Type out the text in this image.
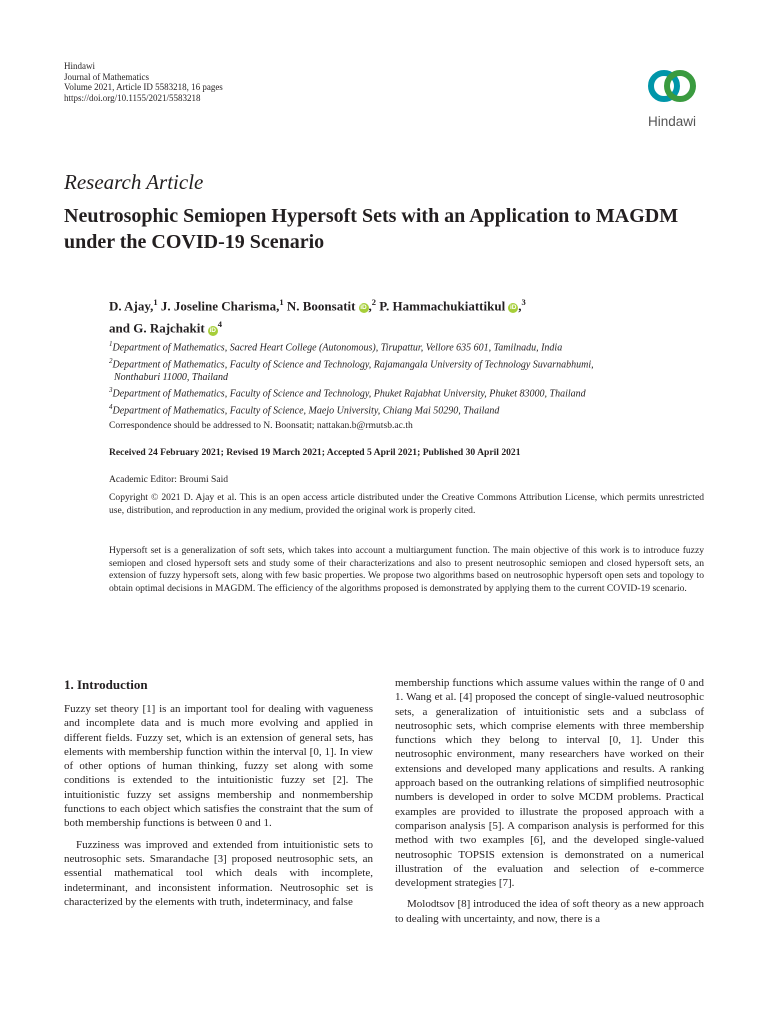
Hindawi
Journal of Mathematics
Volume 2021, Article ID 5583218, 16 pages
https://doi.org/10.1155/2021/5583218
Hindawi
Research Article
Neutrosophic Semiopen Hypersoft Sets with an Application to MAGDM under the COVID-19 Scenario
D. Ajay,$^1$ J. Joseline Charisma,$^1$ N. Boonsatit iD ,$^2$ P. Hammachukiattikul iD ,$^3$
and G. Rajchakit $iD^4$
$^1$Department of Mathematics, Sacred Heart College (Autonomous), Tirupattur, Vellore 635 601, Tamilnadu, India
$^2$Department of Mathematics, Faculty of Science and Technology, Rajamangala University of Technology Suvarnabhumi,
Nonthaburi 11000, Thailand
$^3$Department of Mathematics, Faculty of Science and Technology, Phuket Rajabhat University, Phuket 83000, Thailand
$^4$Department of Mathematics, Faculty of Science, Maejo University, Chiang Mai 50290, Thailand
Correspondence should be addressed to N. Boonsatit; nattakan.b@rmutsb.ac.th
Received 24 February 2021; Revised 19 March 2021; Accepted 5 April 2021; Published 30 April 2021
Academic Editor: Broumi Said
Copyright © 2021 D. Ajay et al. This is an open access article distributed under the Creative Commons Attribution License, which permits unrestricted use, distribution, and reproduction in any medium, provided the original work is properly cited.
Hypersoft set is a generalization of soft sets, which takes into account a multiargument function. The main objective of this work is to introduce fuzzy semiopen and closed hypersoft sets and study some of their characterizations and also to present neutrosophic semiopen and closed hypersoft sets, an extension of fuzzy hypersoft sets, along with few basic properties. We propose two algorithms based on neutrosophic hypersoft open sets and topology to obtain optimal decisions in MAGDM. The efficiency of the algorithms proposed is demonstrated by applying them to the current COVID-19 scenario.
1. Introduction

Fuzzy set theory [1] is an important tool for dealing with vagueness and incomplete data and is much more evolving and applied in different fields. Fuzzy set, which is an extension of general sets, has elements with membership function within the interval [0, 1]. In view of other options of human thinking, fuzzy set along with some conditions is extended to the intuitionistic fuzzy set [2]. The intuitionistic fuzzy set assigns membership and nonmembership functions to each object which satisfies the constraint that the sum of both membership functions is between 0 and 1.

Fuzziness was improved and extended from intuitionistic sets to neutrosophic sets. Smarandache [3] proposed neutrosophic sets, an essential mathematical tool which deals with incomplete, indeterminant, and inconsistent information. Neutrosophic set is characterized by the elements with truth, indeterminacy, and false

membership functions which assume values within the range of 0 and 1. Wang et al. [4] proposed the concept of single-valued neutrosophic sets, a generalization of intuitionistic sets and a subclass of neutrosophic sets, which comprise elements with three membership functions which they belong to interval [0, 1]. Under this neutrosophic environment, many researchers have worked on their extensions and developed many applications and results. A ranking approach based on the outranking relations of simplified neutrosophic numbers is developed in order to solve MCDM problems. Practical examples are provided to illustrate the proposed approach with a comparison analysis [5]. A comparison analysis is performed for this method with two examples [6], and the developed single-valued neutrosophic TOPSIS extension is demonstrated on a numerical illustration of the evaluation and selection of e-commerce development strategies [7].

Molodtsov [8] introduced the idea of soft theory as a new approach to dealing with uncertainty, and now, there is a
